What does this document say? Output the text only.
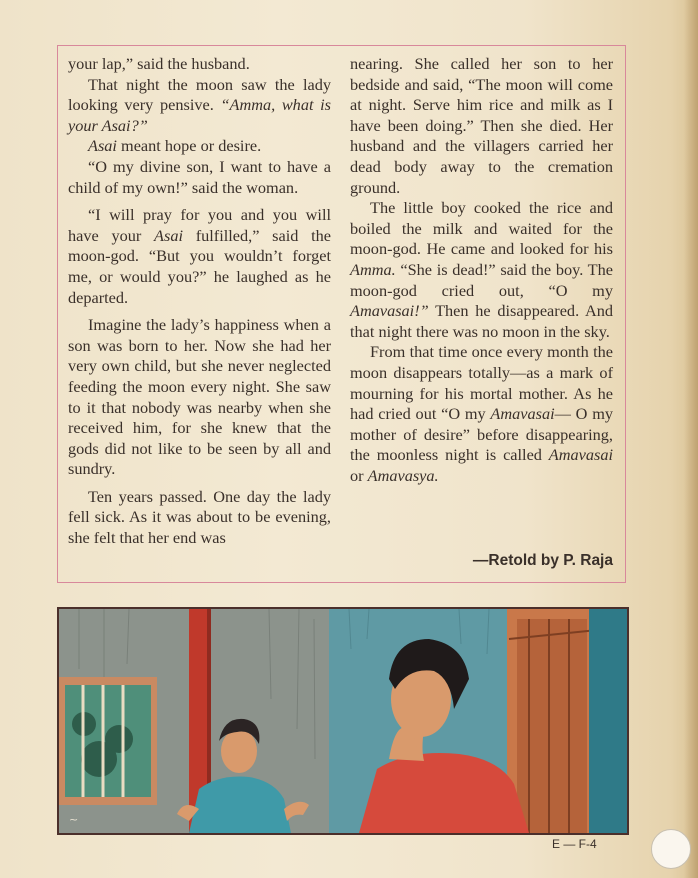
your lap,” said the husband.

That night the moon saw the lady looking very pensive. “Amma, what is your Asai?”

Asai meant hope or desire.

“O my divine son, I want to have a child of my own!” said the woman.

“I will pray for you and you will have your Asai fulfilled,” said the moon-god. “But you wouldn’t forget me, or would you?” he laughed as he departed.

Imagine the lady’s happiness when a son was born to her. Now she had her very own child, but she never neglected feeding the moon every night. She saw to it that nobody was nearby when she received him, for she knew that the gods did not like to be seen by all and sundry.

Ten years passed. One day the lady fell sick. As it was about to be evening, she felt that her end was

nearing. She called her son to her bedside and said, “The moon will come at night. Serve him rice and milk as I have been doing.” Then she died. Her husband and the villagers carried her dead body away to the cremation ground.

The little boy cooked the rice and boiled the milk and waited for the moon-god. He came and looked for his Amma. “She is dead!” said the boy. The moon-god cried out, “O my Amavasai!” Then he disappeared. And that night there was no moon in the sky.

From that time once every month the moon disappears totally—as a mark of mourning for his mortal mother. As he had cried out “O my Amavasai— O my mother of desire” before disappearing, the moonless night is called Amavasai or Amavasya.

—Retold by P. Raja
~
E — F-4
